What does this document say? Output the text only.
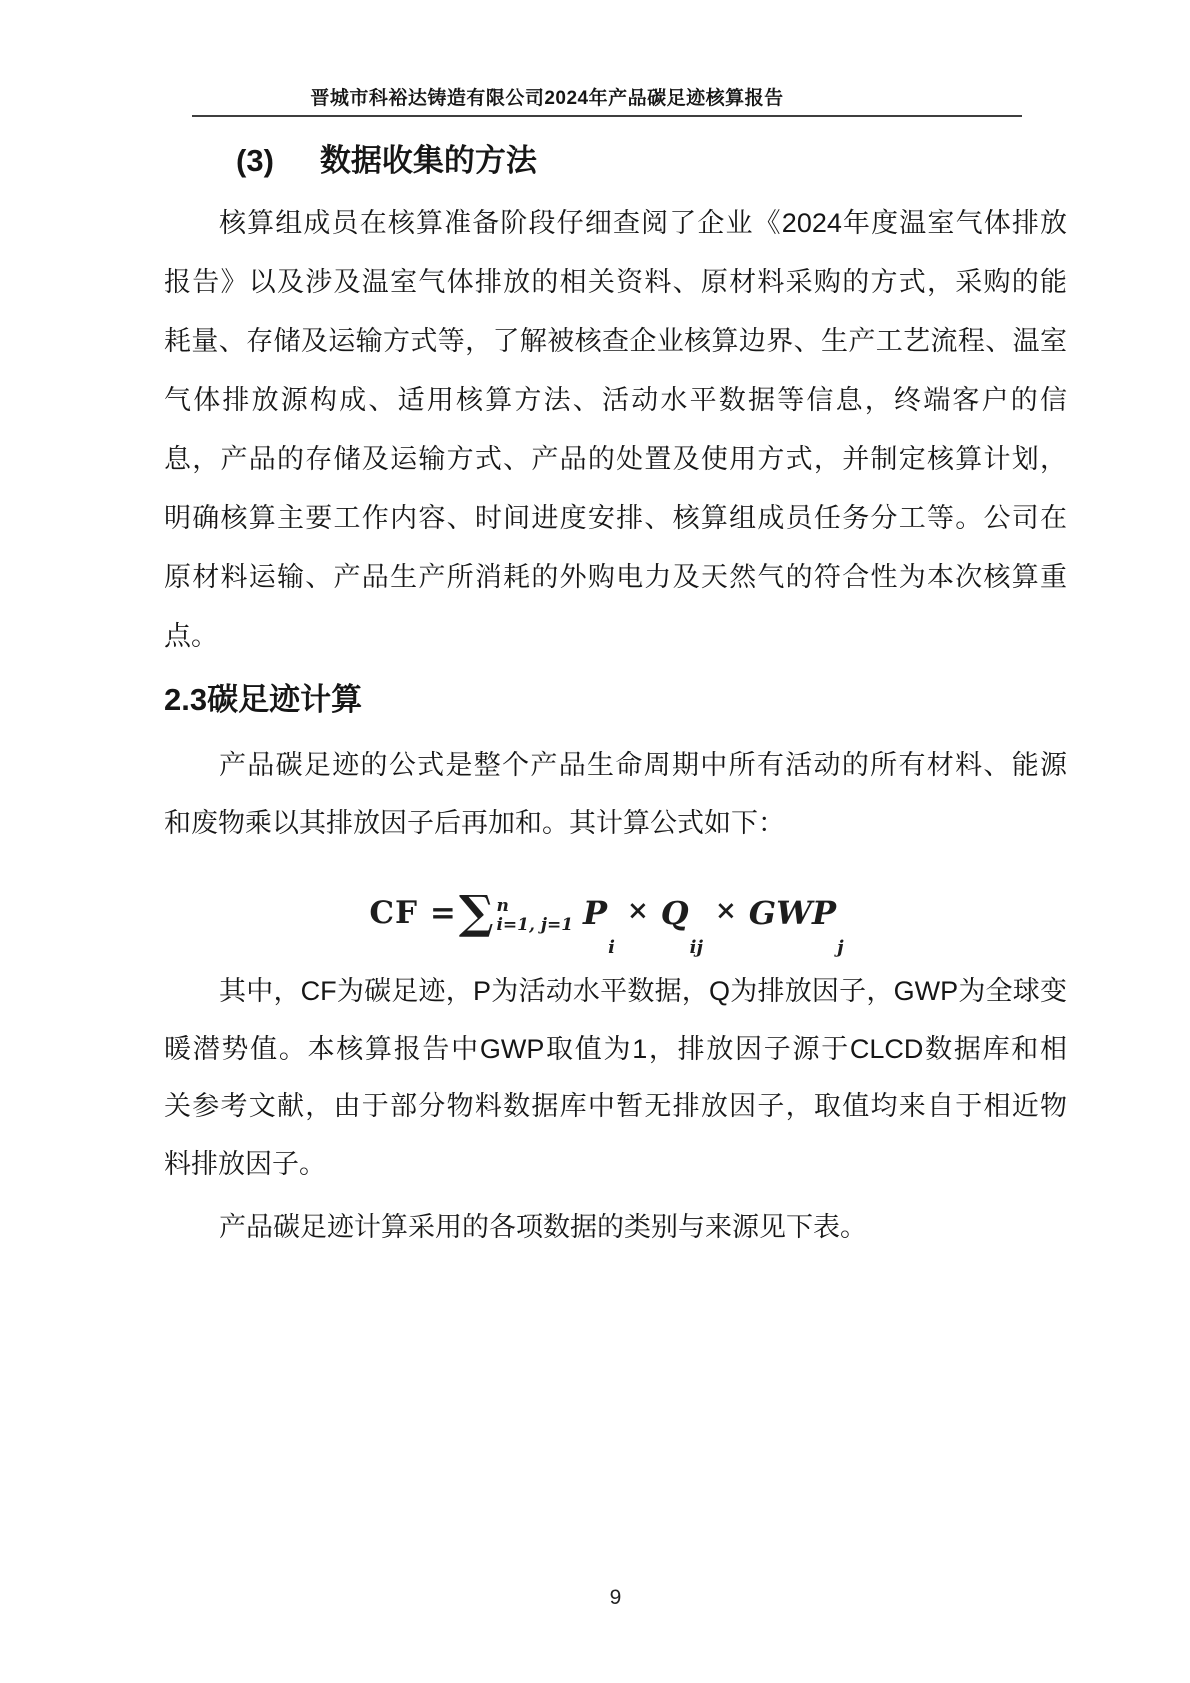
晋城市科裕达铸造有限公司2024年产品碳足迹核算报告
(3) 数据收集的方法
核算组成员在核算准备阶段仔细查阅了企业《2024年度温室气体排放
报告》以及涉及温室气体排放的相关资料、原材料采购的方式，采购的能
耗量、存储及运输方式等，了解被核查企业核算边界、生产工艺流程、温室
气体排放源构成、适用核算方法、活动水平数据等信息，终端客户的信
息，产品的存储及运输方式、产品的处置及使用方式，并制定核算计划，
明确核算主要工作内容、时间进度安排、核算组成员任务分工等。公司在
原材料运输、产品生产所消耗的外购电力及天然气的符合性为本次核算重
点。
2.3碳足迹计算
产品碳足迹的公式是整个产品生命周期中所有活动的所有材料、能源
和废物乘以其排放因子后再加和。其计算公式如下：
CF = ∑ n
i=1, j=1 P
i
× Q
ij
× GWP
j
其中，CF为碳足迹，P为活动水平数据，Q为排放因子，GWP为全球变
暖潜势值。本核算报告中GWP取值为1，排放因子源于CLCD数据库和相
关参考文献，由于部分物料数据库中暂无排放因子，取值均来自于相近物
料排放因子。
产品碳足迹计算采用的各项数据的类别与来源见下表。
9
